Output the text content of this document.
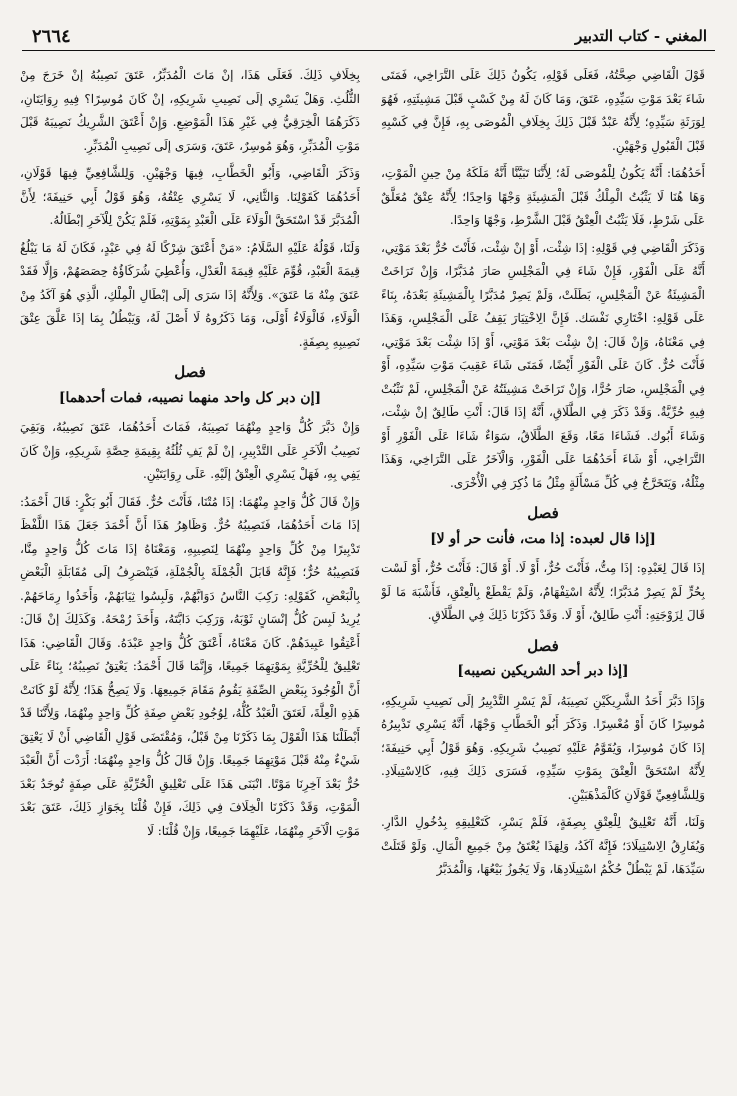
٢٦٦٤	المغني - كتاب التدبير

قَوْلَ الْقَاضِي صِحَّتُهُ، فَعَلَى قَوْلِهِ، يَكُونُ ذَلِكَ عَلَى التَّرَاخِي، فَمَتَى شَاءَ بَعْدَ مَوْتِ سَيِّدِهِ، عَتَقَ، وَمَا كَانَ لَهُ مِنْ كَسْبٍ قَبْلَ مَشِيئَتِهِ، فَهُوَ لِوَرَثَةِ سَيِّدِهِ؛ لِأَنَّهُ عَبْدٌ قَبْلَ ذَلِكَ بِخِلَافِ الْمُوصَى بِهِ، فَإِنَّ فِي كَسْبِهِ قَبْلَ الْقَبُولِ وَجْهَيْنِ.

أَحَدُهُمَا: أَنَّهُ يَكُونُ لِلْمُوصَى لَهُ؛ لِأَنَّنَا تَبَيَّنَّا أَنَّهُ مَلَكَهُ مِنْ حِينِ الْمَوْتِ، وَهَا هُنَا لَا يَثْبُتُ الْمِلْكُ قَبْلَ الْمَشِيئَةِ وَجْهًا وَاحِدًا؛ لِأَنَّهُ عِتْقٌ مُعَلَّقٌ عَلَى شَرْطٍ، فَلَا يَثْبُتُ الْعِتْقُ قَبْلَ الشَّرْطِ، وَجْهًا وَاحِدًا.

وَذَكَرَ الْقَاضِي فِي قَوْلِهِ: إذَا شِئْت، أَوْ إنْ شِئْت، فَأَنْتَ حُرٌّ بَعْدَ مَوْتِي، أَنَّهُ عَلَى الْفَوْرِ، فَإِنْ شَاءَ فِي الْمَجْلِسِ صَارَ مُدَبَّرًا، وَإِنْ تَرَاخَتْ الْمَشِيئَةُ عَنْ الْمَجْلِسِ، بَطَلَتْ، وَلَمْ يَصِرْ مُدَبَّرًا بِالْمَشِيئَةِ بَعْدَهُ، بِنَاءً عَلَى قَوْلِهِ: اخْتَارِي نَفْسَك. فَإِنَّ الِاخْتِيَارَ يَقِفُ عَلَى الْمَجْلِسِ، وَهَذَا فِي مَعْنَاهُ، وَإِنْ قَالَ: إنْ شِئْت بَعْدَ مَوْتِي، أَوْ إذَا شِئْت بَعْدَ مَوْتِي، فَأَنْتَ حُرٌّ. كَانَ عَلَى الْفَوْرِ أَيْضًا، فَمَتَى شَاءَ عَقِيبَ مَوْتِ سَيِّدِهِ، أَوْ فِي الْمَجْلِسِ، صَارَ حُرًّا، وَإِنْ تَرَاخَتْ مَشِيئَتُهُ عَنْ الْمَجْلِسِ، لَمْ تَثْبُتْ فِيهِ حُرِّيَّةٌ. وَقَدْ ذَكَرَ فِي الطَّلَاقِ، أَنَّهُ إذَا قَالَ: أَنْتِ طَالِقٌ إنْ شِئْت، وَشَاءَ أَبُوك. فَشَاءَا مَعًا، وَقَعَ الطَّلَاقُ، سَوَاءٌ شَاءَا عَلَى الْفَوْرِ أَوْ التَّرَاخِي، أَوْ شَاءَ أَحَدُهُمَا عَلَى الْفَوْرِ، وَالْآخَرُ عَلَى التَّرَاخِي، وَهَذَا مِثْلُهُ، وَيَتَخَرَّجُ فِي كُلِّ مَسْأَلَةٍ مِثْلُ مَا ذُكِرَ فِي الْأُخْرَى.

فصل
[إذا قال لعبده: إذا مت، فأنت حر أو لا]

إذَا قَالَ لِعَبْدِهِ: إذَا مِتُّ، فَأَنْتَ حُرٌّ، أَوْ لَا. أَوْ قَالَ: فَأَنْتَ حُرٌّ، أَوْ لَسْت بِحُرٍّ لَمْ يَصِرْ مُدَبَّرًا؛ لِأَنَّهُ اسْتِفْهَامٌ، وَلَمْ يَقْطَعْ بِالْعِتْقِ، فَأَشْبَهَ مَا لَوْ قَالَ لِزَوْجَتِهِ: أَنْتِ طَالِقٌ، أَوْ لَا. وَقَدْ ذَكَرْنَا ذَلِكَ فِي الطَّلَاقِ.

فصل
[إذا دبر أحد الشريكين نصيبه]

وَإِذَا دَبَّرَ أَحَدُ الشَّرِيكَيْنِ نَصِيبَهُ، لَمْ يَسْرِ التَّدْبِيرُ إلَى نَصِيبِ شَرِيكِهِ، مُوسِرًا كَانَ أَوْ مُعْسِرًا. وَذَكَرَ أَبُو الْخَطَّابِ وَجْهًا، أَنَّهُ يَسْرِي تَدْبِيرُهُ إذَا كَانَ مُوسِرًا، وَيُقَوَّمُ عَلَيْهِ نَصِيبُ شَرِيكِهِ. وَهُوَ قَوْلُ أَبِي حَنِيفَةَ؛ لِأَنَّهُ اسْتَحَقَّ الْعِتْقَ بِمَوْتِ سَيِّدِهِ، فَسَرَى ذَلِكَ فِيهِ، كَالِاسْتِيلَادِ. وَلِلشَّافِعِيِّ قَوْلَانِ كَالْمَذْهَبَيْنِ.

وَلَنَا، أَنَّهُ تَعْلِيقٌ لِلْعِتْقِ بِصِفَةٍ، فَلَمْ يَسْرِ، كَتَعْلِيقِهِ بِدُخُولِ الدَّارِ. وَيُفَارِقُ الِاسْتِيلَادَ؛ فَإِنَّهُ آكَدُ، وَلِهَذَا يُعْتَقُ مِنْ جَمِيعِ الْمَالِ. وَلَوْ قَتَلَتْ سَيِّدَهَا، لَمْ يَبْطُلْ حُكْمُ اسْتِيلَادِهَا، وَلَا يَجُوزُ بَيْعُهَا، وَالْمُدَبَّرُ

بِخِلَافِ ذَلِكَ. فَعَلَى هَذَا، إنْ مَاتَ الْمُدَبِّرُ، عَتَقَ نَصِيبُهُ إنْ خَرَجَ مِنْ الثُّلُثِ. وَهَلْ يَسْرِي إلَى نَصِيبِ شَرِيكِهِ، إنْ كَانَ مُوسِرًا؟ فِيهِ رِوَايَتَانِ، ذَكَرَهُمَا الْخِرَقِيُّ فِي غَيْرِ هَذَا الْمَوْضِعِ. وَإِنْ أَعْتَقَ الشَّرِيكُ نَصِيبَهُ قَبْلَ مَوْتِ الْمُدَبِّرِ، وَهُوَ مُوسِرٌ، عَتَقَ، وَسَرَى إلَى نَصِيبِ الْمُدَبِّرِ.

وَذَكَرَ الْقَاضِي، وَأَبُو الْخَطَّابِ، فِيهَا وَجْهَيْنِ. وَلِلشَّافِعِيِّ فِيهَا قَوْلَانِ، أَحَدُهُمَا كَقَوْلِنَا. وَالثَّانِي، لَا يَسْرِي عِتْقُهُ، وَهُوَ قَوْلُ أَبِي حَنِيفَةَ؛ لِأَنَّ الْمُدَبَّرَ قَدْ اسْتَحَقَّ الْوَلَاءَ عَلَى الْعَبْدِ بِمَوْتِهِ، فَلَمْ يَكُنْ لِلْآخَرِ إبْطَالُهُ.

وَلَنَا، قَوْلُهُ عَلَيْهِ السَّلَامُ: «مَنْ أَعْتَقَ شِرْكًا لَهُ فِي عَبْدٍ، فَكَانَ لَهُ مَا يَبْلُغُ قِيمَةَ الْعَبْدِ، قُوِّمَ عَلَيْهِ قِيمَةَ الْعَدْلِ، وَأُعْطِيَ شُرَكَاؤُهُ حِصَصَهُمْ، وَإِلَّا فَقَدْ عَتَقَ مِنْهُ مَا عَتَقَ». وَلِأَنَّهُ إذَا سَرَى إلَى إبْطَالِ الْمِلْكِ، الَّذِي هُوَ آكَدُ مِنْ الْوَلَاءِ، فَالْوَلَاءُ أَوْلَى، وَمَا ذَكَرُوهُ لَا أَصْلَ لَهُ، وَيَبْطُلُ بِمَا إذَا عَلَّقَ عِتْقَ نَصِيبِهِ بِصِفَةٍ.

فصل
[إن دبر كل واحد منهما نصيبه، فمات أحدهما]

وَإِنْ دَبَّرَ كُلُّ وَاحِدٍ مِنْهُمَا نَصِيبَهُ، فَمَاتَ أَحَدُهُمَا، عَتَقَ نَصِيبُهُ، وَبَقِيَ نَصِيبُ الْآخَرِ عَلَى التَّدْبِيرِ، إنْ لَمْ يَفِ ثُلُثُهُ بِقِيمَةِ حِصَّةِ شَرِيكِهِ، وَإِنْ كَانَ يَفِي بِهِ، فَهَلْ يَسْرِي الْعِتْقُ إلَيْهِ. عَلَى رِوَايَتَيْنِ.

وَإِنْ قَالَ كُلُّ وَاحِدٍ مِنْهُمَا: إذَا مُتْنَا، فَأَنْتَ حُرٌّ. فَقَالَ أَبُو بَكْرٍ: قَالَ أَحْمَدُ: إذَا مَاتَ أَحَدُهُمَا، فَنَصِيبُهُ حُرٌّ. وَظَاهِرُ هَذَا أَنَّ أَحْمَدَ جَعَلَ هَذَا اللَّفْظَ تَدْبِيرًا مِنْ كُلِّ وَاحِدٍ مِنْهُمَا لِنَصِيبِهِ، وَمَعْنَاهُ إذَا مَاتَ كُلُّ وَاحِدٍ مِنَّا، فَنَصِيبُهُ حُرٌّ؛ فَإِنَّهُ قَابَلَ الْجُمْلَةَ بِالْجُمْلَةِ، فَيَنْصَرِفُ إلَى مُقَابَلَةِ الْبَعْضِ بِالْبَعْضِ، كَقَوْلِهِ: رَكِبَ النَّاسُ دَوَابَّهُمْ، وَلَبِسُوا ثِيَابَهُمْ، وَأَخَذُوا رِمَاحَهُمْ. يُرِيدُ لَبِسَ كُلُّ إنْسَانٍ ثَوْبَهُ، وَرَكِبَ دَابَّتَهُ، وَأَخَذَ رُمْحَهُ. وَكَذَلِكَ إنْ قَالَ: أَعْتِقُوا عَبِيدَهُمْ. كَانَ مَعْنَاهُ، أَعْتَقَ كُلُّ وَاحِدٍ عَبْدَهُ. وَقَالَ الْقَاضِي: هَذَا تَعْلِيقٌ لِلْحُرِّيَّةِ بِمَوْتِهِمَا جَمِيعًا، وَإِنَّمَا قَالَ أَحْمَدُ: يَعْتِقُ نَصِيبُهُ؛ بِنَاءً عَلَى أَنَّ الْوُجُودَ بِبَعْضِ الصِّفَةِ يَقُومُ مَقَامَ جَمِيعِهَا. وَلَا يَصِحُّ هَذَا؛ لِأَنَّهُ لَوْ كَانَتْ هَذِهِ الْعِلَّةَ، لَعَتَقَ الْعَبْدُ كُلُّهُ، لِوُجُودِ بَعْضِ صِفَةِ كُلِّ وَاحِدٍ مِنْهُمَا، وَلِأَنَّنَا قَدْ أَبْطَلْنَا هَذَا الْقَوْلَ بِمَا ذَكَرْنَا مِنْ قَبْلُ، وَمُقْتَضَى قَوْلِ الْقَاضِي أَنْ لَا يَعْتِقَ شَيْءٌ مِنْهُ قَبْلَ مَوْتِهِمَا جَمِيعًا. وَإِنْ قَالَ كُلُّ وَاحِدٍ مِنْهُمَا: أَرَدْت أَنَّ الْعَبْدَ حُرٌّ بَعْدَ آخِرِنَا مَوْتًا. انْبَنَى هَذَا عَلَى تَعْلِيقِ الْحُرِّيَّةِ عَلَى صِفَةٍ تُوجَدُ بَعْدَ الْمَوْتِ، وَقَدْ ذَكَرْنَا الْخِلَافَ فِي ذَلِكَ، فَإِنْ قُلْنَا بِجَوَازِ ذَلِكَ، عَتَقَ بَعْدَ مَوْتِ الْآخَرِ مِنْهُمَا، عَلَيْهِمَا جَمِيعًا، وَإِنْ قُلْنَا: لَا
